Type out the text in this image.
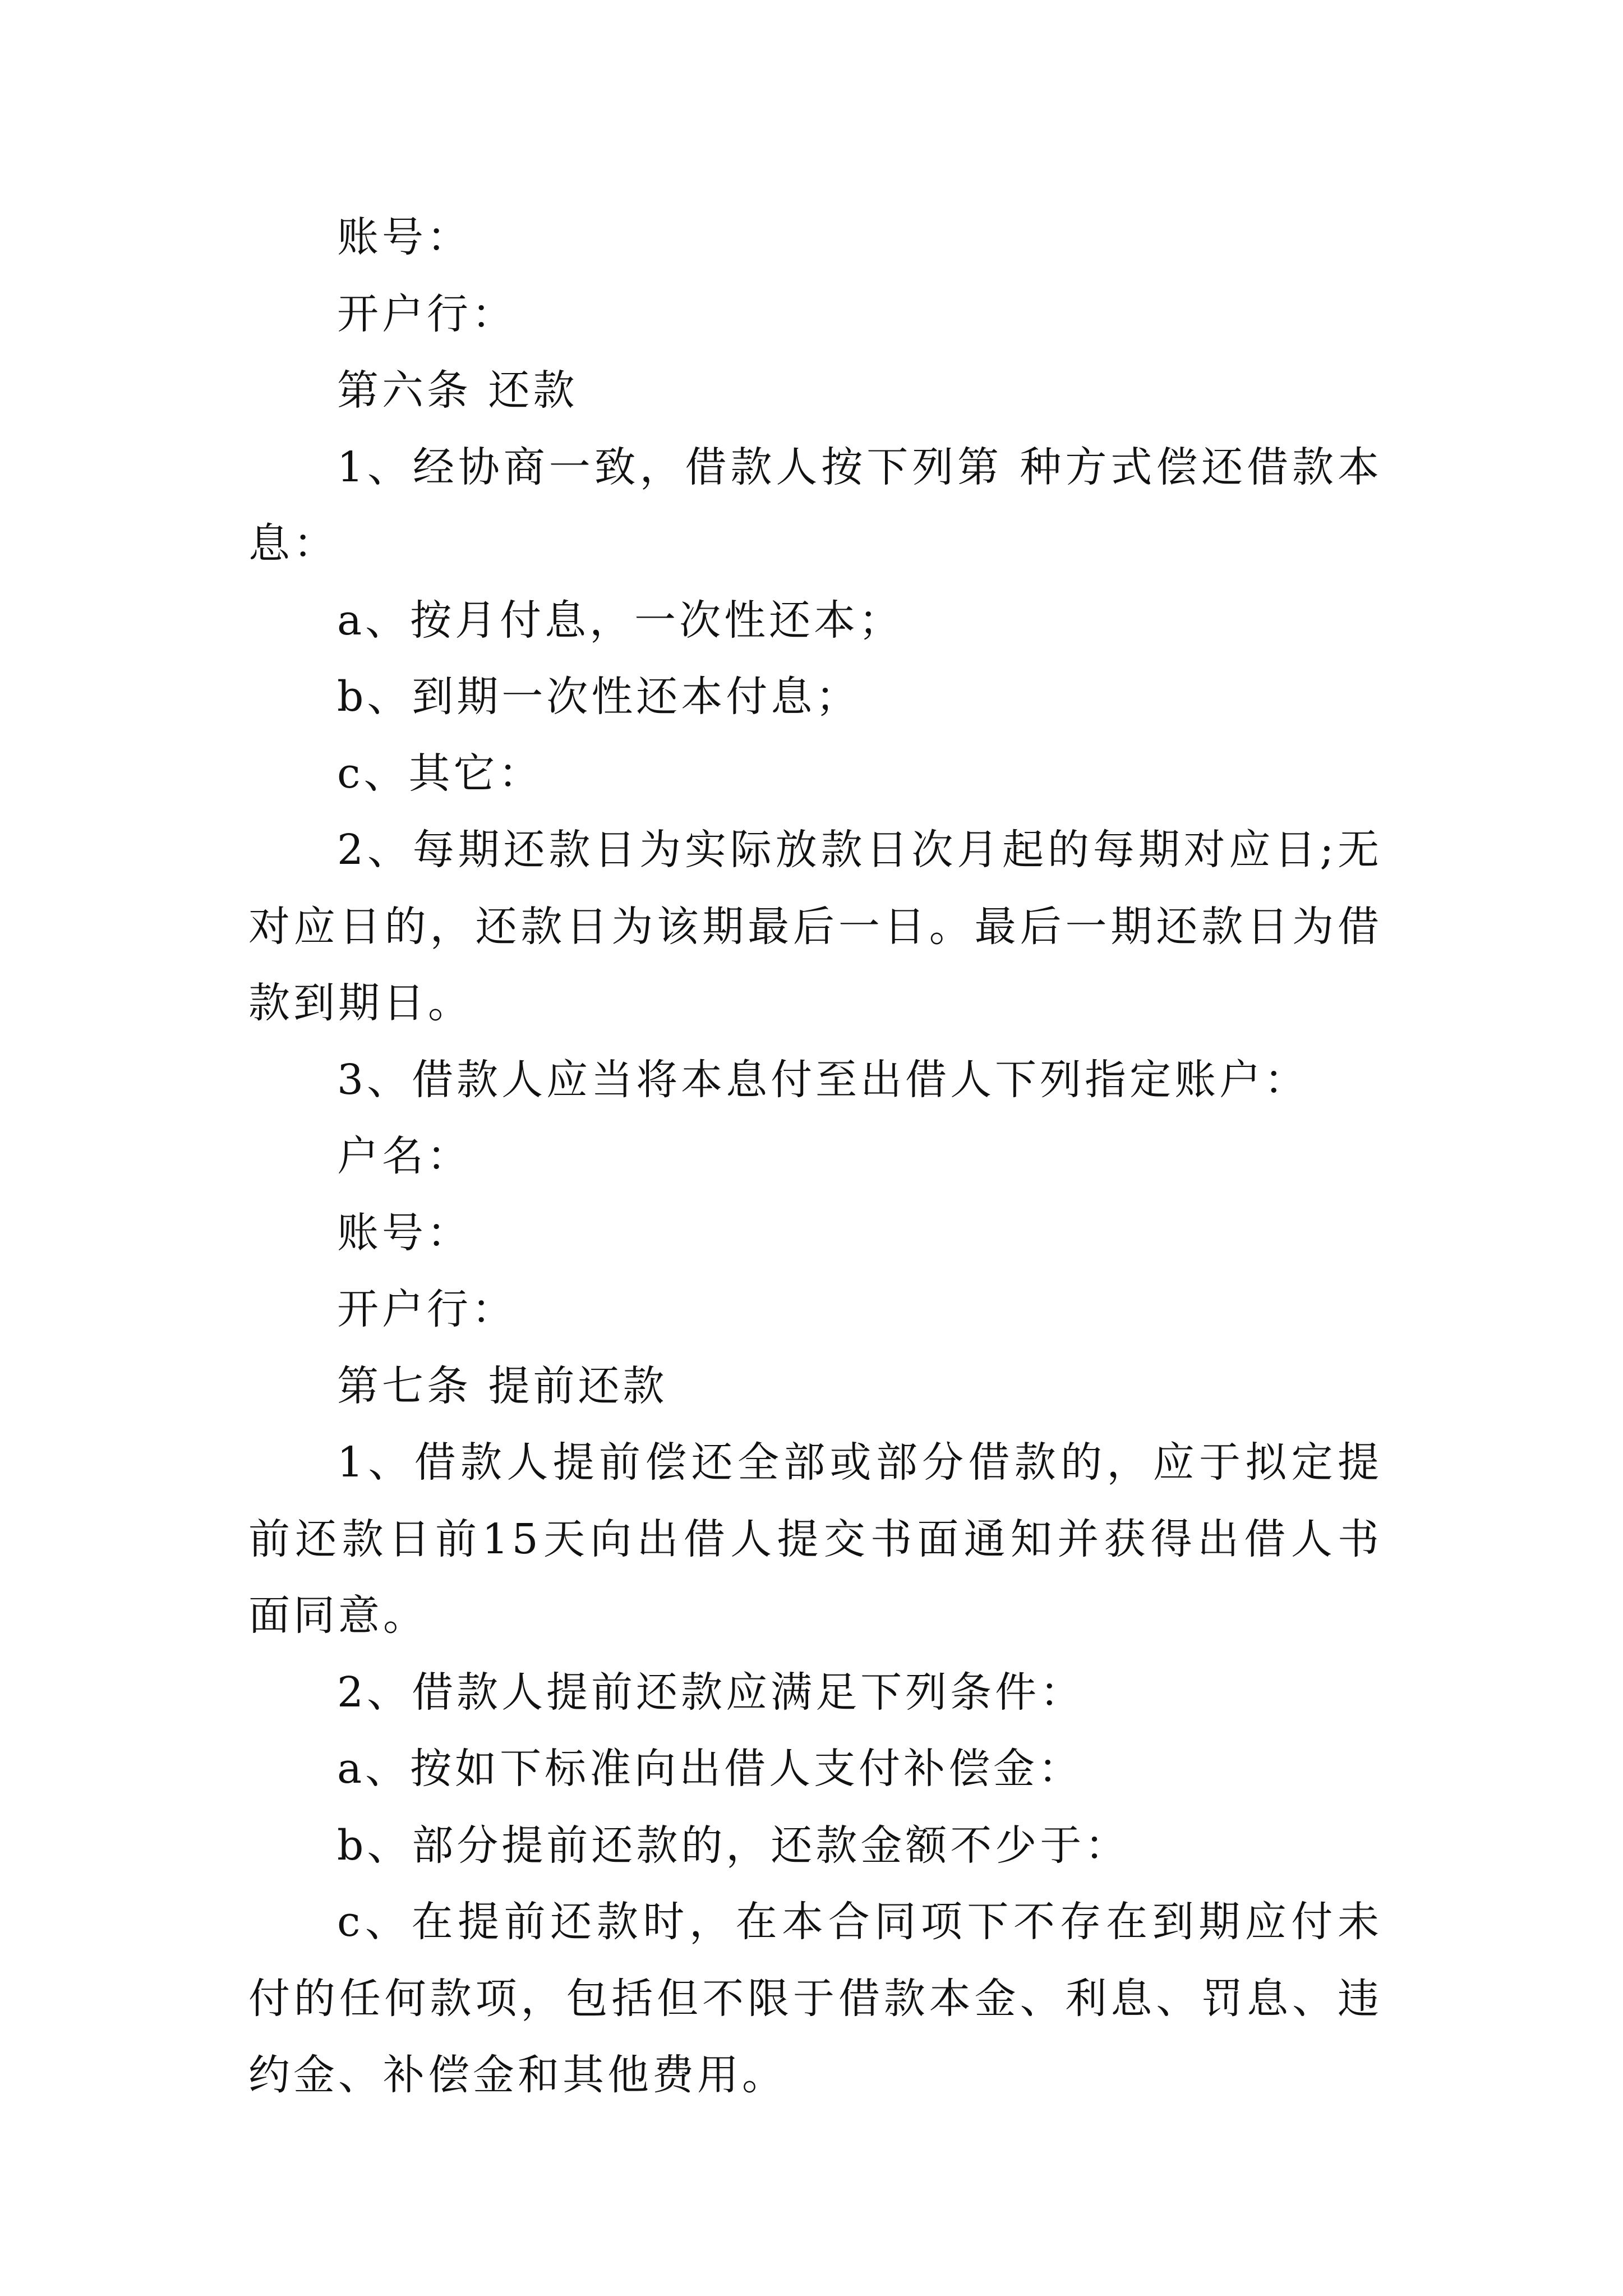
账号：

开户行：

第六条 还款

1、经协商一致，借款人按下列第 种方式偿还借款本息：

a、按月付息，一次性还本；

b、到期一次性还本付息；

c、其它：

2、每期还款日为实际放款日次月起的每期对应日;无对应日的，还款日为该期最后一日。最后一期还款日为借款到期日。

3、借款人应当将本息付至出借人下列指定账户：

户名：

账号：

开户行：

第七条 提前还款

1、借款人提前偿还全部或部分借款的，应于拟定提前还款日前15天向出借人提交书面通知并获得出借人书面同意。

2、借款人提前还款应满足下列条件：

a、按如下标准向出借人支付补偿金：

b、部分提前还款的，还款金额不少于：

c、在提前还款时，在本合同项下不存在到期应付未付的任何款项，包括但不限于借款本金、利息、罚息、违约金、补偿金和其他费用。
